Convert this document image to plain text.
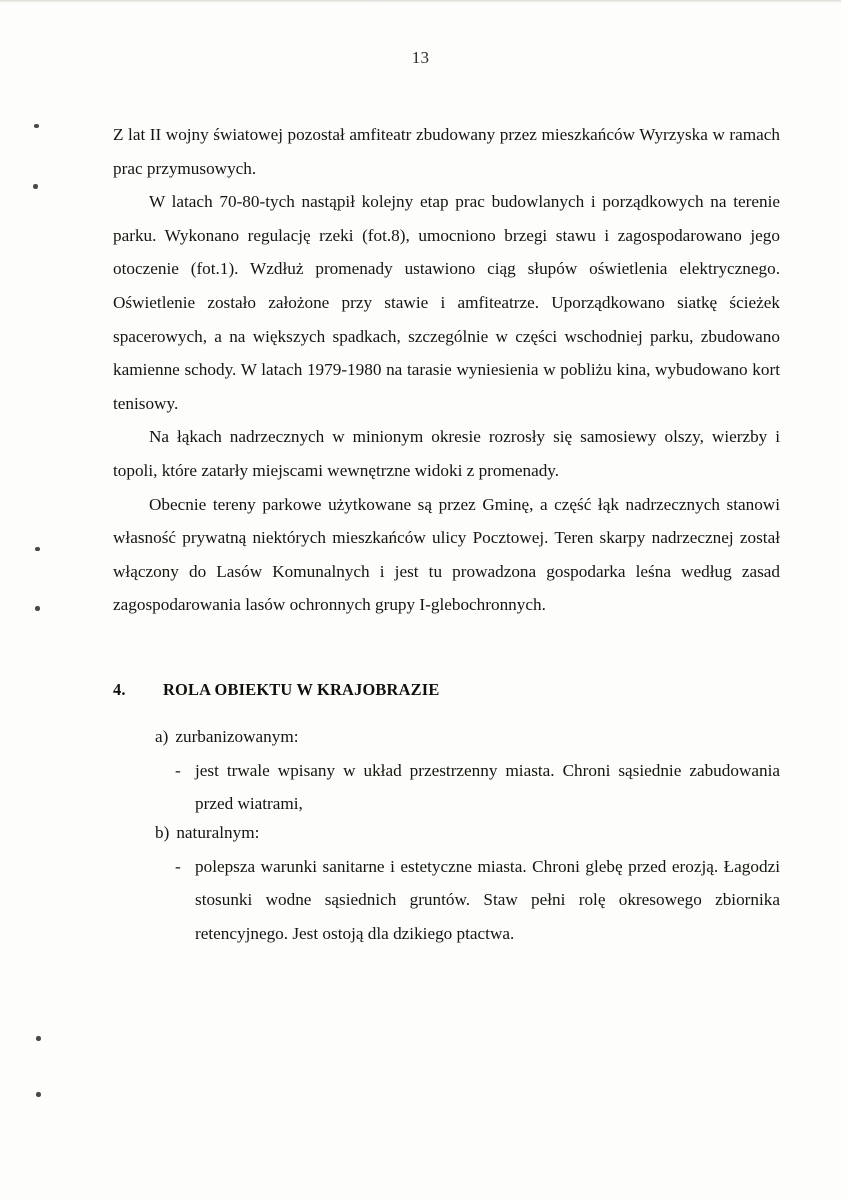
13

Z lat II wojny światowej pozostał amfiteatr zbudowany przez mieszkańców Wyrzyska w ramach prac przymusowych.

W latach 70-80-tych nastąpił kolejny etap prac budowlanych i porządkowych na terenie parku. Wykonano regulację rzeki (fot.8), umocniono brzegi stawu i zagospodarowano jego otoczenie (fot.1). Wzdłuż promenady ustawiono ciąg słupów oświetlenia elektrycznego. Oświetlenie zostało założone przy stawie i amfiteatrze. Uporządkowano siatkę ścieżek spacerowych, a na większych spadkach, szczególnie w części wschodniej parku, zbudowano kamienne schody. W latach 1979-1980 na tarasie wyniesienia w pobliżu kina, wybudowano kort tenisowy.

Na łąkach nadrzecznych w minionym okresie rozrosły się samosiewy olszy, wierzby i topoli, które zatarły miejscami wewnętrzne widoki z promenady.

Obecnie tereny parkowe użytkowane są przez Gminę, a część łąk nadrzecznych stanowi własność prywatną niektórych mieszkańców ulicy Pocztowej. Teren skarpy nadrzecznej został włączony do Lasów Komunalnych i jest tu prowadzona gospodarka leśna według zasad zagospodarowania lasów ochronnych grupy I-glebochronnych.

4.	ROLA OBIEKTU W KRAJOBRAZIE
a) zurbanizowanym:
- jest trwale wpisany w układ przestrzenny miasta. Chroni sąsiednie zabudowania przed wiatrami,
b) naturalnym:
- polepsza warunki sanitarne i estetyczne miasta. Chroni glebę przed erozją. Łagodzi stosunki wodne sąsiednich gruntów. Staw pełni rolę okresowego zbiornika retencyjnego. Jest ostoją dla dzikiego ptactwa.
